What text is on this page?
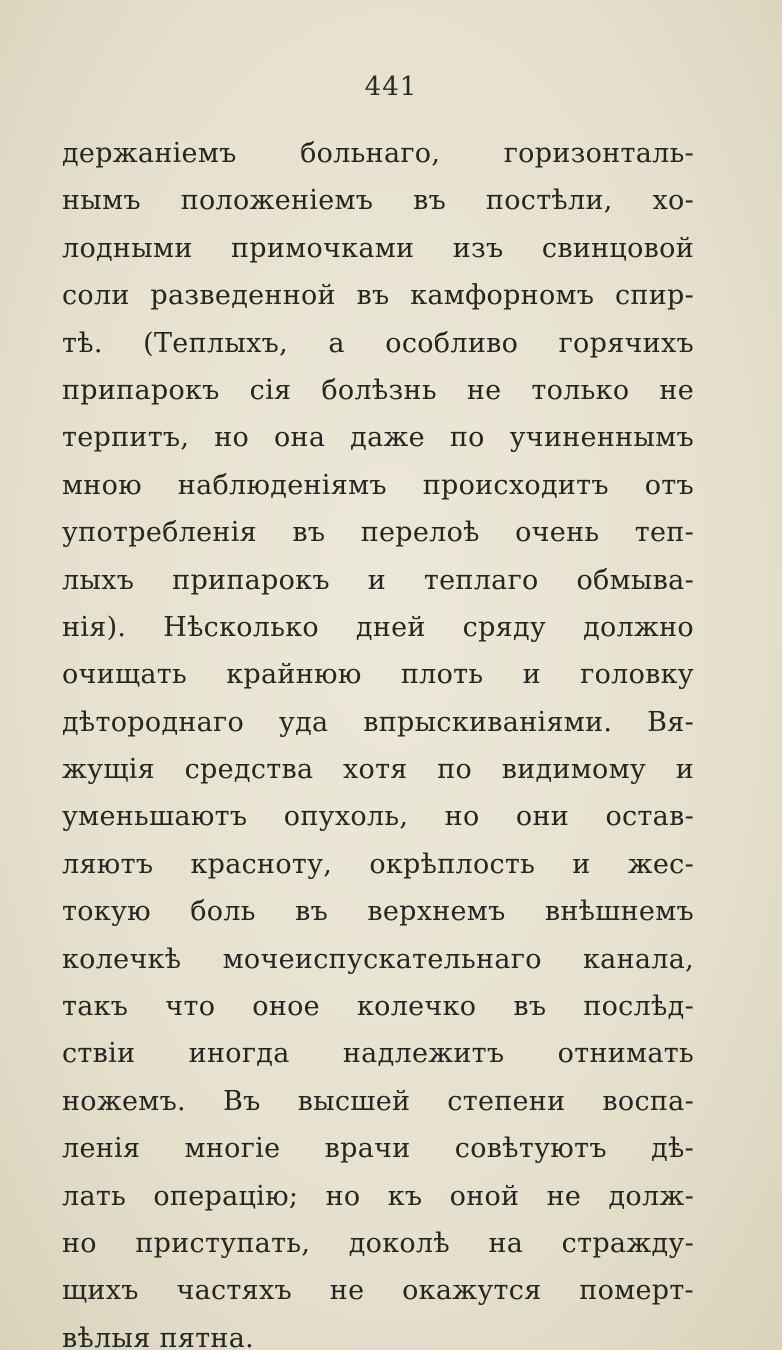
441
держанiемъ больнаго, горизонталь-
нымъ положенiемъ въ постѣли, хо-
лодными примочками изъ свинцовой
соли разведенной въ камфорномъ спир-
тѣ. (Теплыхъ, а особливо горячихъ
припарокъ сiя болѣзнь не только не
терпитъ, но она даже по учиненнымъ
мною наблюденiямъ происходитъ отъ
употребленiя въ перелоѣ очень теп-
лыхъ припарокъ и теплаго обмыва-
нiя). Нѣсколько дней сряду должно
очищать крайнюю плоть и головку
дѣтороднаго уда впрыскиванiями. Вя-
жущiя средства хотя по видимому и
уменьшаютъ опухоль, но они остав-
ляютъ красноту, окрѣплость и жес-
токую боль въ верхнемъ внѣшнемъ
колечкѣ мочеиспускательнаго канала,
такъ что оное колечко въ послѣд-
ствiи иногда надлежитъ отнимать
ножемъ. Въ высшей степени воспа-
ленiя многiе врачи совѣтуютъ дѣ-
лать операцiю; но къ оной не долж-
но приступать, доколѣ на стражду-
щихъ частяхъ не окажутся померт-
вѣлыя пятна.
